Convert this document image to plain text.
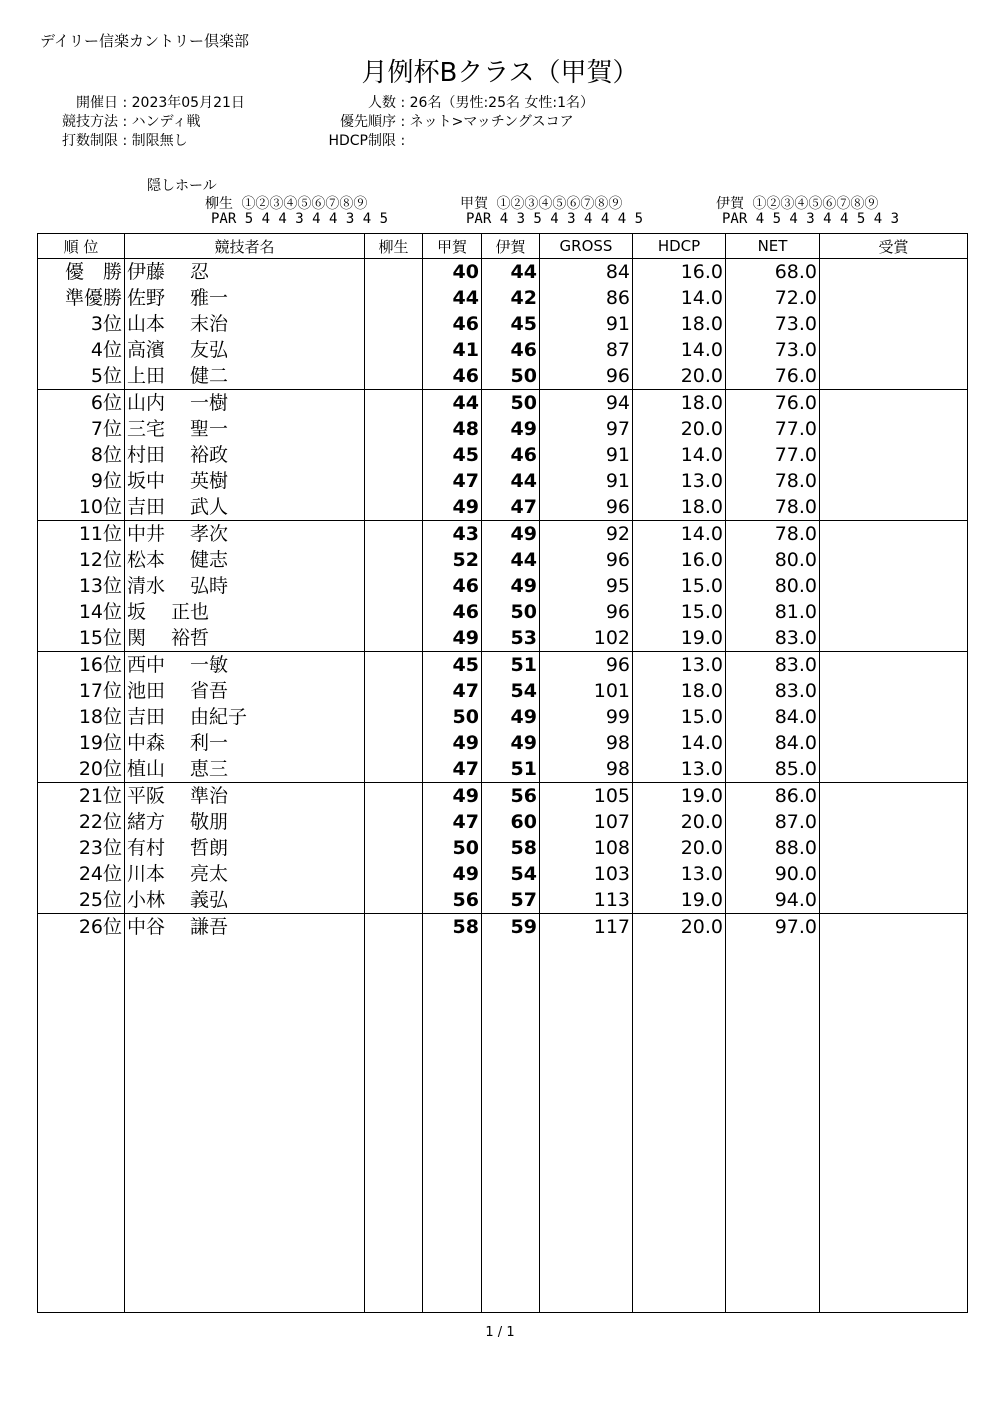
デイリー信楽カントリー倶楽部
月例杯Bクラス（甲賀）
開催日 : 2023年05月21日
競技方法 : ハンディ戦
打数制限 : 制限無し
人数 : 26名（男性:25名 女性:1名）
優先順序 : ネット>マッチングスコア
HDCP制限 :
隠しホール
柳生 ①②③④⑤⑥⑦⑧⑨
PAR 5 4 4 3 4 4 3 4 5
甲賀 ①②③④⑤⑥⑦⑧⑨
PAR 4 3 5 4 3 4 4 4 5
伊賀 ①②③④⑤⑥⑦⑧⑨
PAR 4 5 4 3 4 4 5 4 3
順 位	競技者名	柳生	甲賀	伊賀	GROSS	HDCP	NET	受賞
優　勝	伊藤　 忍		40	44	84	16.0	68.0	
準優勝	佐野　 雅一		44	42	86	14.0	72.0	
3位	山本　 末治		46	45	91	18.0	73.0	
4位	高濱　 友弘		41	46	87	14.0	73.0	
5位	上田　 健二		46	50	96	20.0	76.0	
6位	山内　 一樹		44	50	94	18.0	76.0	
7位	三宅　 聖一		48	49	97	20.0	77.0	
8位	村田　 裕政		45	46	91	14.0	77.0	
9位	坂中　 英樹		47	44	91	13.0	78.0	
10位	吉田　 武人		49	47	96	18.0	78.0	
11位	中井　 孝次		43	49	92	14.0	78.0	
12位	松本　 健志		52	44	96	16.0	80.0	
13位	清水　 弘時		46	49	95	15.0	80.0	
14位	坂　 正也		46	50	96	15.0	81.0	
15位	関　 裕哲		49	53	102	19.0	83.0	
16位	西中　 一敏		45	51	96	13.0	83.0	
17位	池田　 省吾		47	54	101	18.0	83.0	
18位	吉田　 由紀子		50	49	99	15.0	84.0	
19位	中森　 利一		49	49	98	14.0	84.0	
20位	植山　 恵三		47	51	98	13.0	85.0	
21位	平阪　 準治		49	56	105	19.0	86.0	
22位	緒方　 敬朋		47	60	107	20.0	87.0	
23位	有村　 哲朗		50	58	108	20.0	88.0	
24位	川本　 亮太		49	54	103	13.0	90.0	
25位	小林　 義弘		56	57	113	19.0	94.0	
26位	中谷　 謙吾		58	59	117	20.0	97.0	

1 / 1
